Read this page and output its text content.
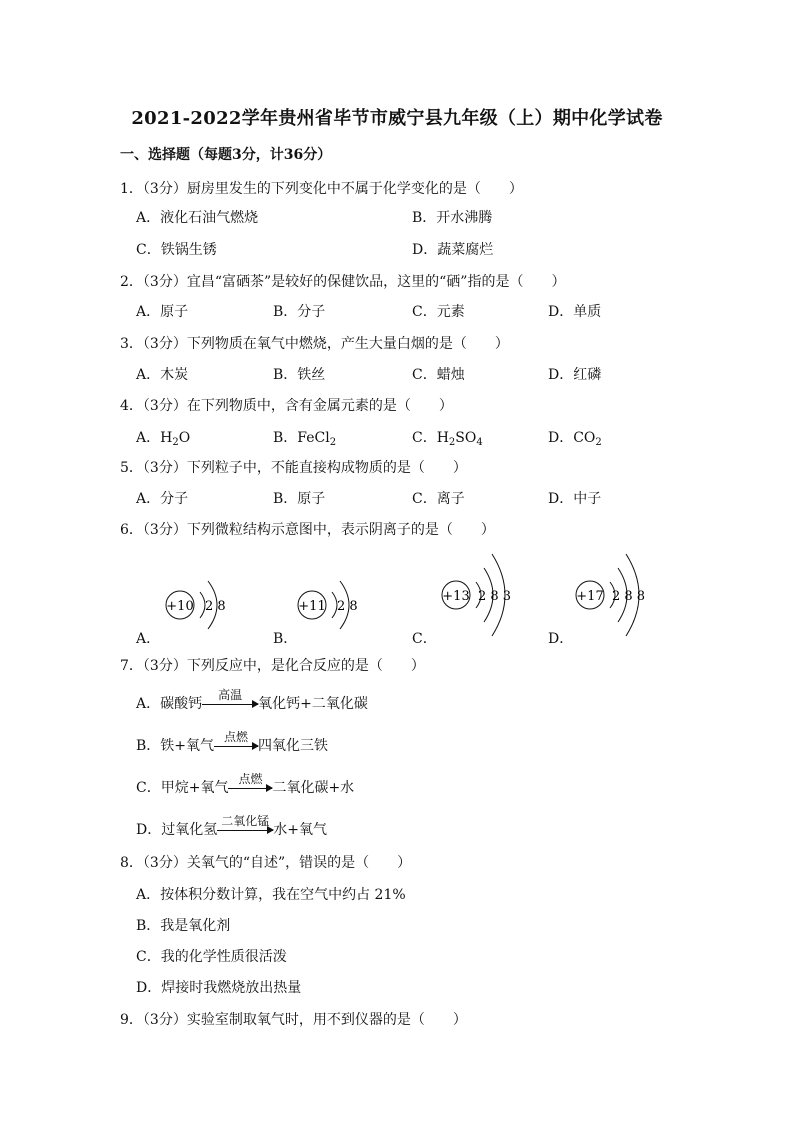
2021-2022学年贵州省毕节市威宁县九年级（上）期中化学试卷
一、选择题（每题3分，计36分）
1．（3分）厨房里发生的下列变化中不属于化学变化的是（　　）
A．液化石油气燃烧	B．开水沸腾
C．铁锅生锈	D．蔬菜腐烂
2．（3分）宜昌“富硒茶”是较好的保健饮品，这里的“硒”指的是（　　）
A．原子	B．分子	C．元素	D．单质
3．（3分）下列物质在氧气中燃烧，产生大量白烟的是（　　）
A．木炭	B．铁丝	C．蜡烛	D．红磷
4．（3分）在下列物质中，含有金属元素的是（　　）
A．$H_2O$	B．FeCl$_2$	C．$H_2SO_4$	D．$CO_2$
5．（3分）下列粒子中，不能直接构成物质的是（　　）
A．分子	B．原子	C．离子	D．中子
6．（3分）下列微粒结构示意图中，表示阴离子的是（　　）
+10 2 8
A．
+11 2 8
B．
+13 2 8 3
C．
+17 2 8 8
D．
7．（3分）下列反应中，是化合反应的是（　　）
A．碳酸钙
高温
氧化钙+二氧化碳
B．铁+氧气
点燃
四氧化三铁
C．甲烷+氧气
点燃
二氧化碳+水
D．过氧化氢
二氧化锰
水+氧气
8．（3分）关氧气的“自述”，错误的是（　　）
A．按体积分数计算，我在空气中约占 21%
B．我是氧化剂
C．我的化学性质很活泼
D．焊接时我燃烧放出热量
9．（3分）实验室制取氧气时，用不到仪器的是（　　）
